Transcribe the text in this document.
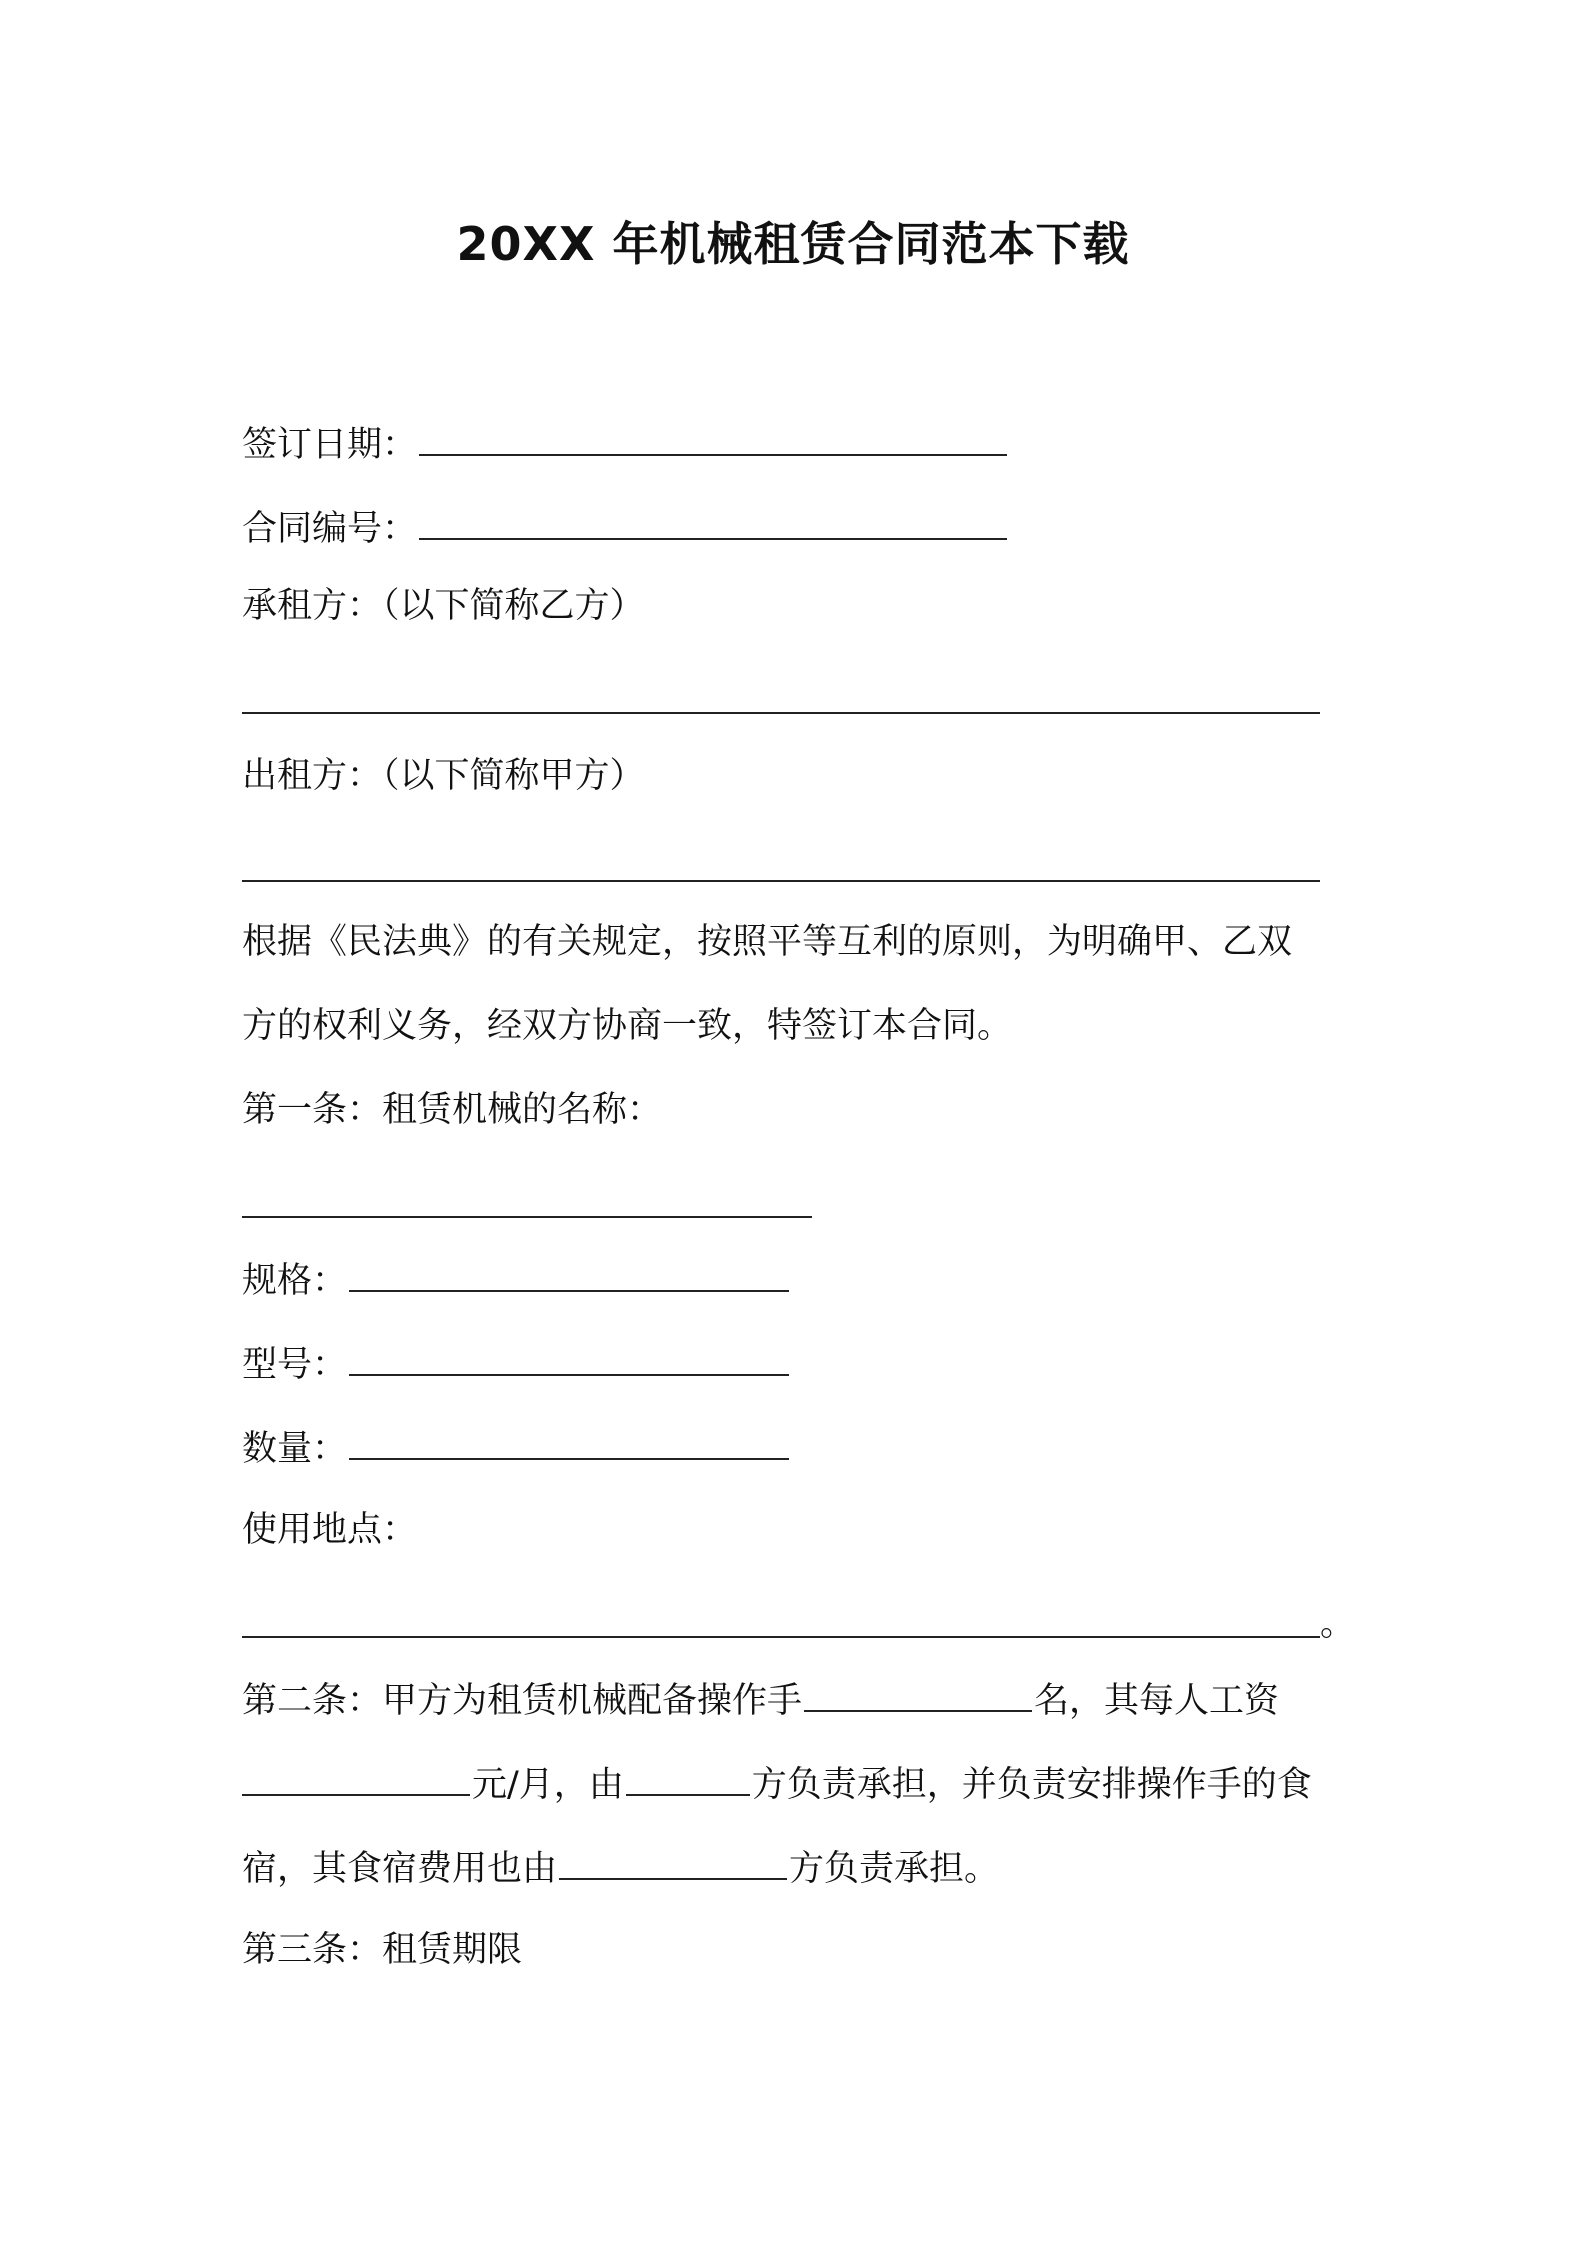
20XX 年机械租赁合同范本下载
签订日期：
合同编号：
承租方：（以下简称乙方）
出租方：（以下简称甲方）
根据《民法典》的有关规定，按照平等互利的原则，为明确甲、乙双
方的权利义务，经双方协商一致，特签订本合同。
第一条：租赁机械的名称：
规格：
型号：
数量：
使用地点：
。
第二条：甲方为租赁机械配备操作手	名，其每人工资
元/月，由	方负责承担，并负责安排操作手的食
宿，其食宿费用也由	方负责承担。
第三条：租赁期限
